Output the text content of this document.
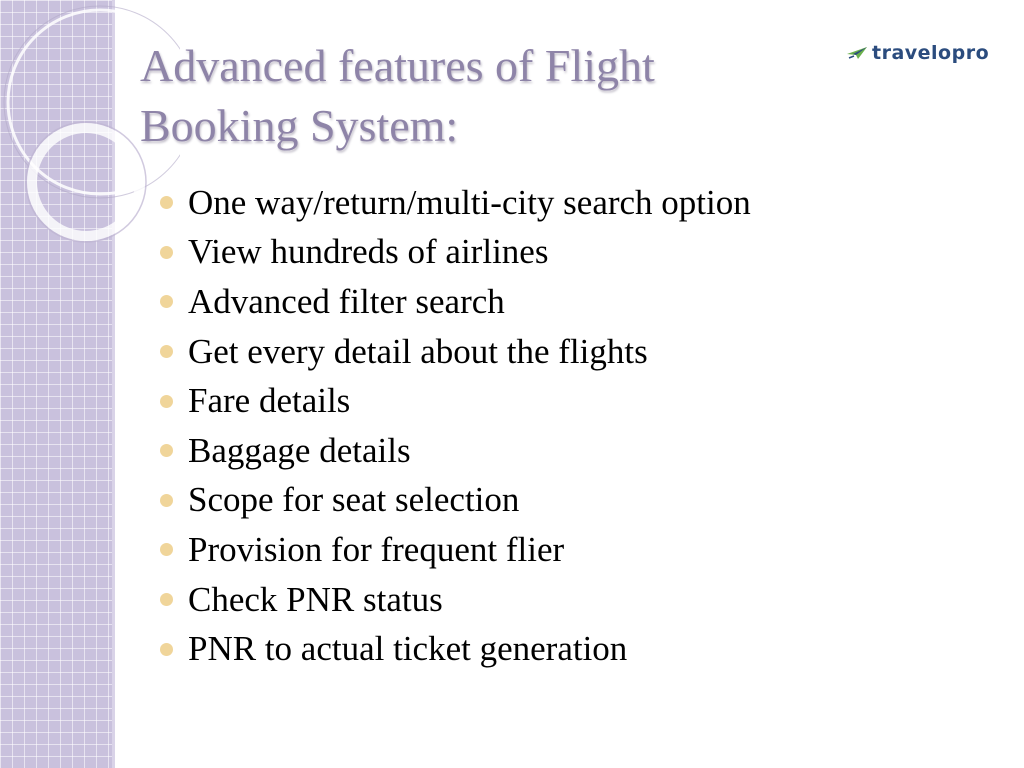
Advanced features of Flight Booking System:
travelopro
One way/return/multi-city search option
View hundreds of airlines
Advanced filter search
Get every detail about the flights
Fare details
Baggage details
Scope for seat selection
Provision for frequent flier
Check PNR status
PNR to actual ticket generation
